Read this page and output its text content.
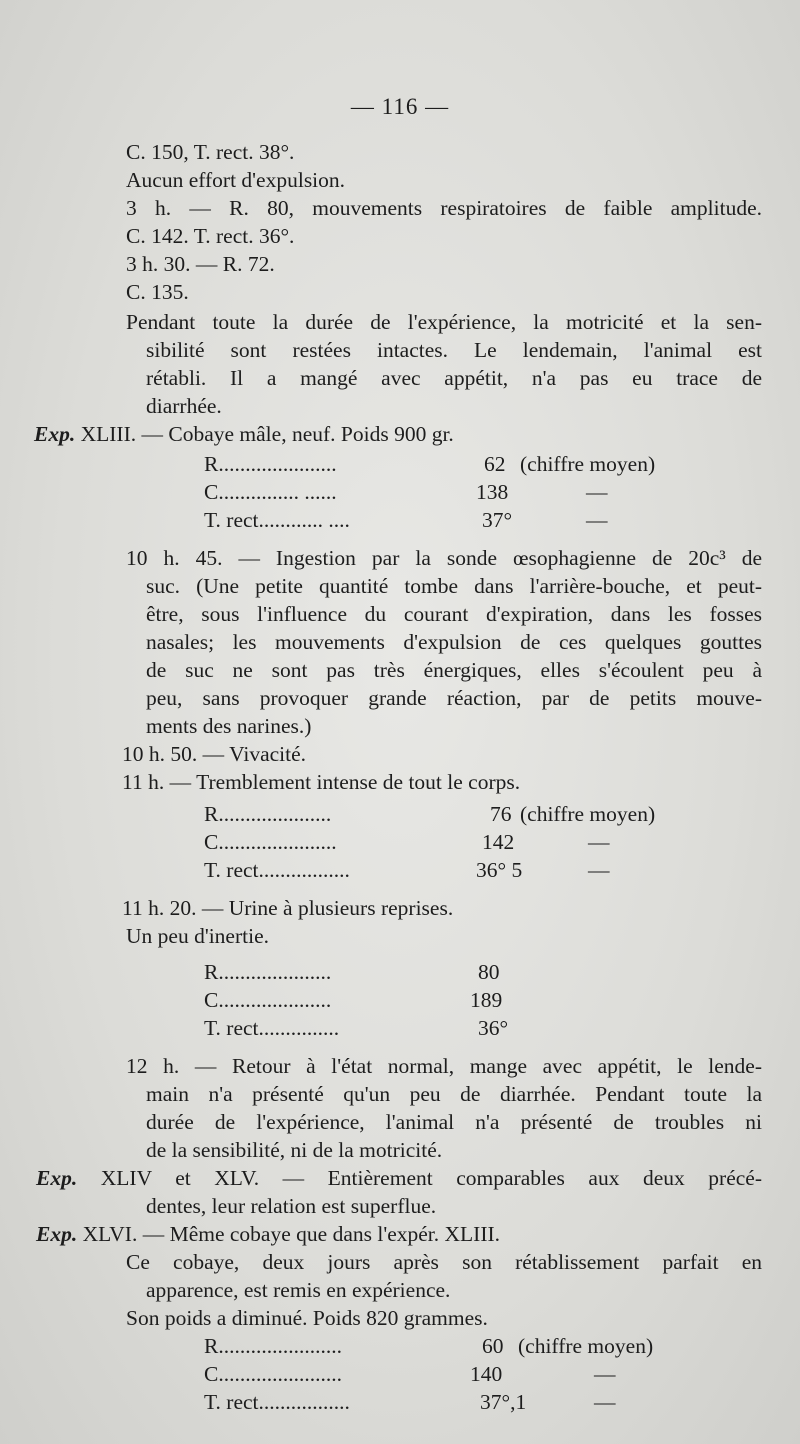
— 116 —
C. 150, T. rect. 38°.
Aucun effort d'expulsion.
3 h. — R. 80, mouvements respiratoires de faible amplitude.
C. 142. T. rect. 36°.
3 h. 30. — R. 72.
C. 135.
Pendant toute la durée de l'expérience, la motricité et la sen-
sibilité sont restées intactes. Le lendemain, l'animal est
rétabli. Il a mangé avec appétit, n'a pas eu trace de
diarrhée.
Exp. XLIII. — Cobaye mâle, neuf. Poids 900 gr.
R......................	62 (chiffre moyen)
C............... ......	138	—
T. rect............ ....	37°	—
10 h. 45. — Ingestion par la sonde œsophagienne de 20c³ de
suc. (Une petite quantité tombe dans l'arrière-bouche, et peut-
être, sous l'influence du courant d'expiration, dans les fosses
nasales; les mouvements d'expulsion de ces quelques gouttes
de suc ne sont pas très énergiques, elles s'écoulent peu à
peu, sans provoquer grande réaction, par de petits mouve-
ments des narines.)
10 h. 50. — Vivacité.
11 h. — Tremblement intense de tout le corps.
R.....................	76 (chiffre moyen)
C......................	142	—
T. rect.................	36° 5	—
11 h. 20. — Urine à plusieurs reprises.
Un peu d'inertie.
R.....................	80
C.....................	189
T. rect...............	36°
12 h. — Retour à l'état normal, mange avec appétit, le lende-
main n'a présenté qu'un peu de diarrhée. Pendant toute la
durée de l'expérience, l'animal n'a présenté de troubles ni
de la sensibilité, ni de la motricité.
Exp. XLIV et XLV. — Entièrement comparables aux deux précé-
dentes, leur relation est superflue.
Exp. XLVI. — Même cobaye que dans l'expér. XLIII.
Ce cobaye, deux jours après son rétablissement parfait en
apparence, est remis en expérience.
Son poids a diminué. Poids 820 grammes.
R.......................	60 (chiffre moyen)
C.......................	140	—
T. rect.................	37°,1	—
